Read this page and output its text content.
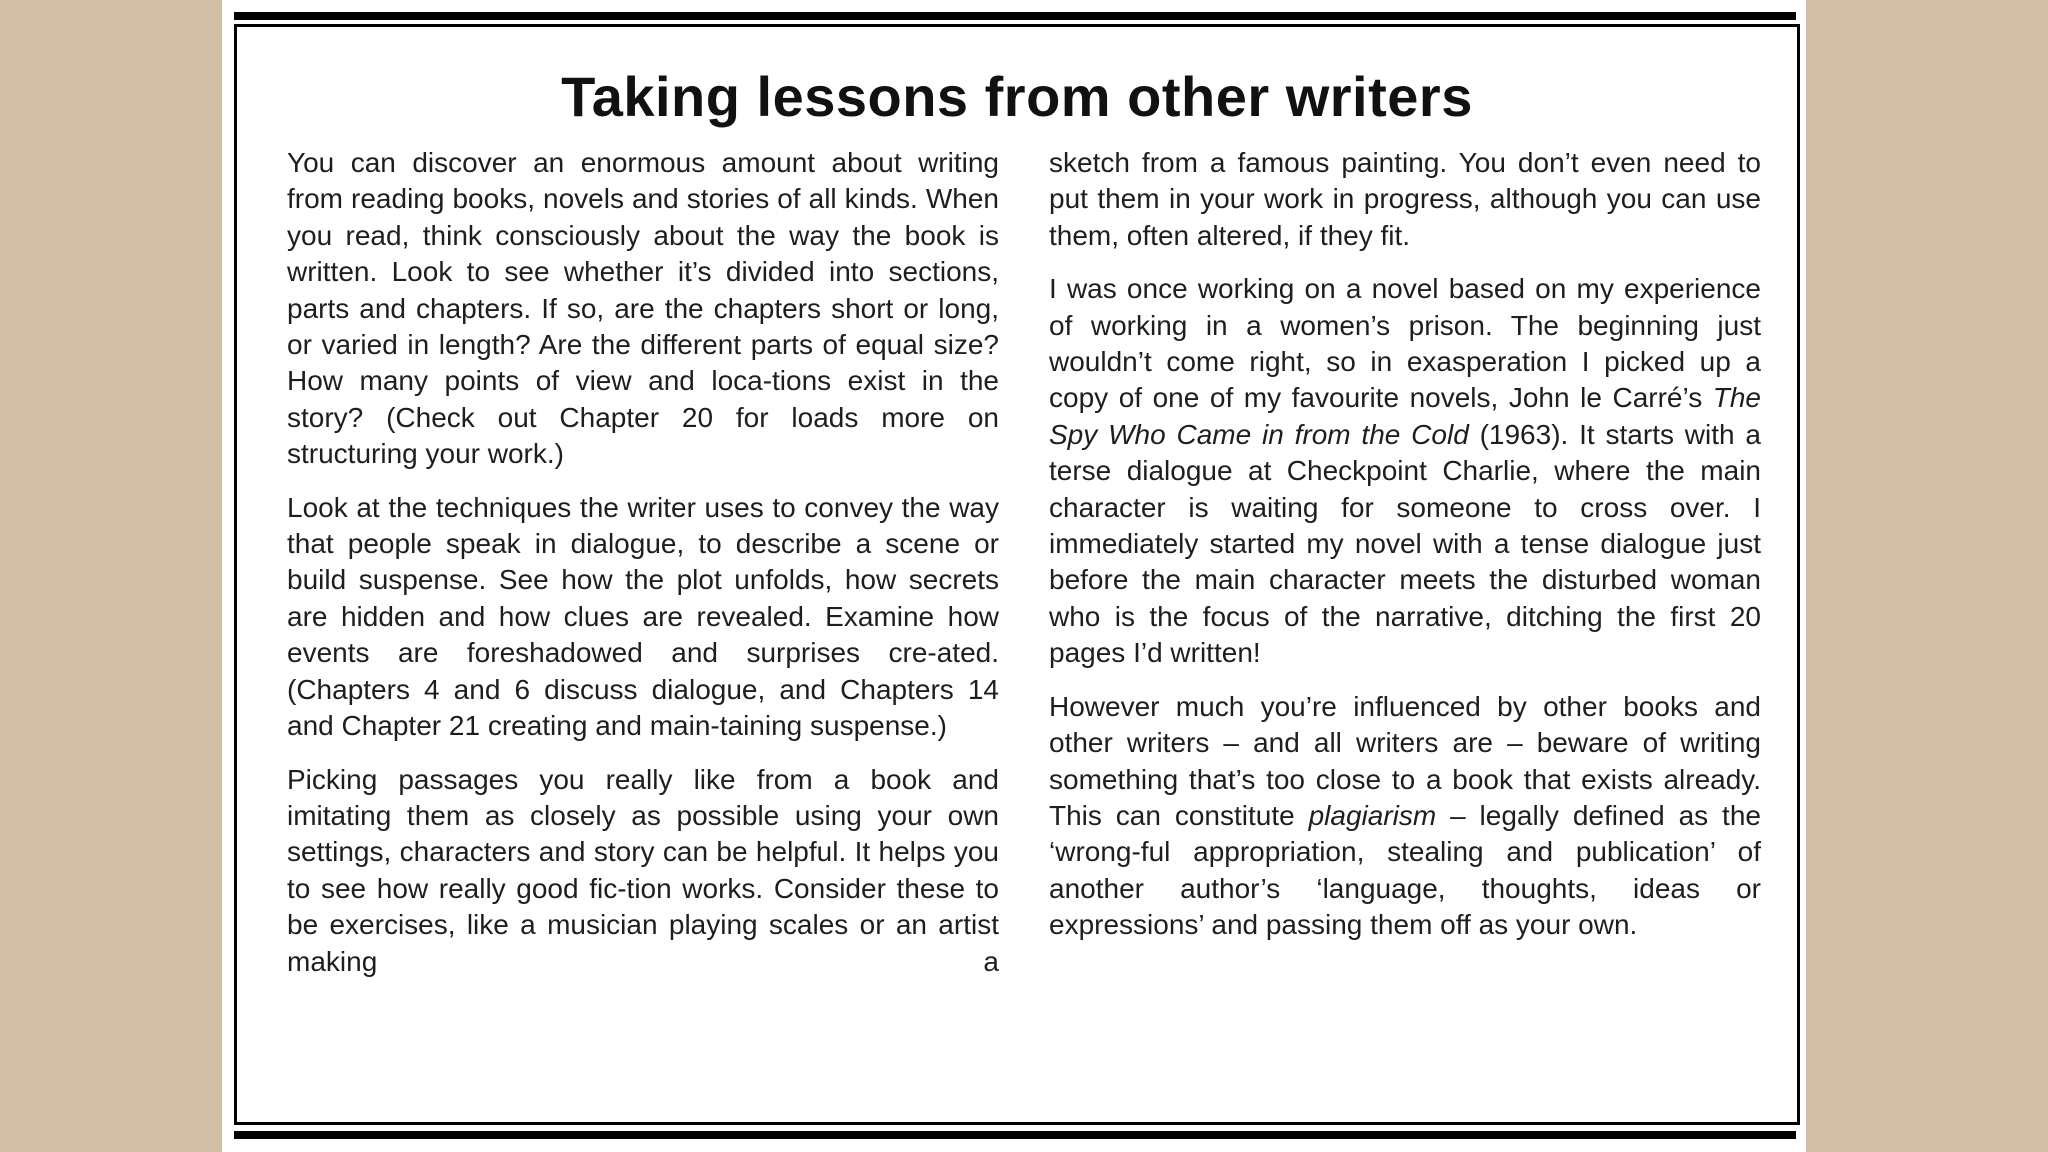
Taking lessons from other writers

You can discover an enormous amount about writing from reading books, novels and stories of all kinds. When you read, think consciously about the way the book is written. Look to see whether it’s divided into sections, parts and chapters. If so, are the chapters short or long, or varied in length? Are the different parts of equal size? How many points of view and loca-tions exist in the story? (Check out Chapter 20 for loads more on structuring your work.)

Look at the techniques the writer uses to convey the way that people speak in dialogue, to describe a scene or build suspense. See how the plot unfolds, how secrets are hidden and how clues are revealed. Examine how events are foreshadowed and surprises cre-ated. (Chapters 4 and 6 discuss dialogue, and Chapters 14 and Chapter 21 creating and main-taining suspense.)

Picking passages you really like from a book and imitating them as closely as possible using your own settings, characters and story can be helpful. It helps you to see how really good fic-tion works. Consider these to be exercises, like a musician playing scales or an artist making a

sketch from a famous painting. You don’t even need to put them in your work in progress, although you can use them, often altered, if they fit.

I was once working on a novel based on my experience of working in a women’s prison. The beginning just wouldn’t come right, so in exasperation I picked up a copy of one of my favourite novels, John le Carré’s The Spy Who Came in from the Cold (1963). It starts with a terse dialogue at Checkpoint Charlie, where the main character is waiting for someone to cross over. I immediately started my novel with a tense dialogue just before the main character meets the disturbed woman who is the focus of the narrative, ditching the first 20 pages I’d written!

However much you’re influenced by other books and other writers – and all writers are – beware of writing something that’s too close to a book that exists already. This can constitute plagiarism – legally defined as the ‘wrong-ful appropriation, stealing and publication’ of another author’s ‘language, thoughts, ideas or expressions’ and passing them off as your own.
